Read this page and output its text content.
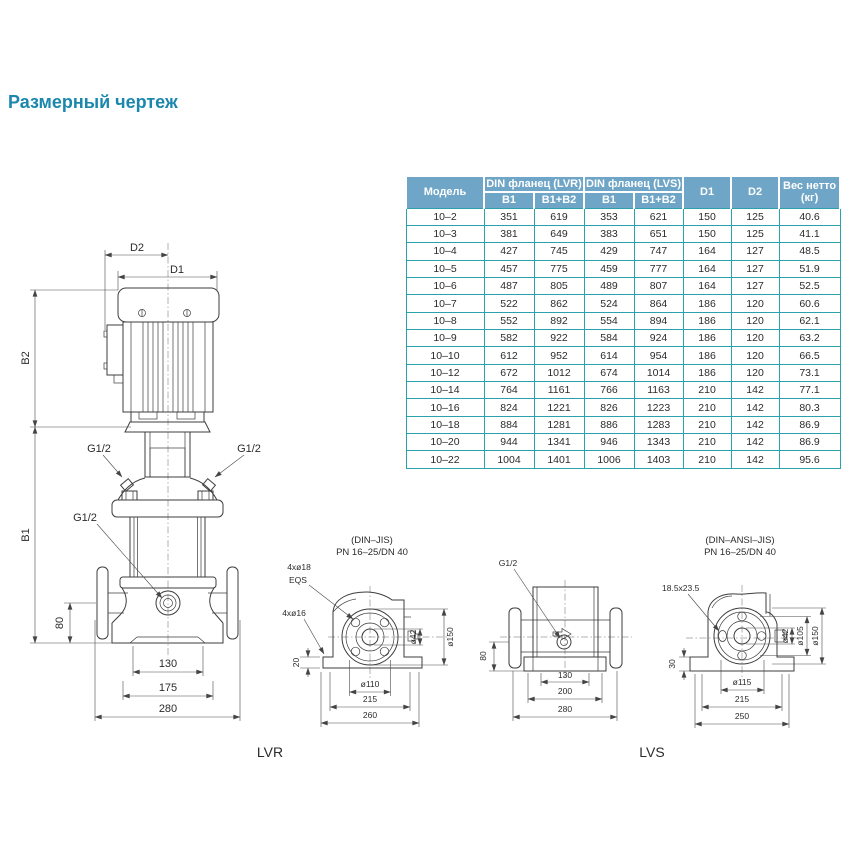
Размерный чертеж
Модель	DIN фланец (LVR)		DIN фланец (LVS)		D1	D2	Вес нетто (кг)
	B1	B1+B2	B1	B1+B2			
10–2	351	619	353	621	150	125	40.6
10–3	381	649	383	651	150	125	41.1
10–4	427	745	429	747	164	127	48.5
10–5	457	775	459	777	164	127	51.9
10–6	487	805	489	807	164	127	52.5
10–7	522	862	524	864	186	120	60.6
10–8	552	892	554	894	186	120	62.1
10–9	582	922	584	924	186	120	63.2
10–10	612	952	614	954	186	120	66.5
10–12	672	1012	674	1014	186	120	73.1
10–14	764	1161	766	1163	210	142	77.1
10–16	824	1221	826	1223	210	142	80.3
10–18	884	1281	886	1283	210	142	86.9
10–20	944	1341	946	1343	210	142	86.9
10–22	1004	1401	1006	1403	210	142	95.6
D2
D1
B2
B1
G1/2	G1/2
G1/2
80
130
175
280
(DIN–JIS)
PN 16–25/DN 40
4xø18
EQS
4xø16
ø42	ø150
20
ø110
215
260
G1/2
80
130
200
280
(DIN–ANSI–JIS)
PN 16–25/DN 40
18.5x23.5
30
ø42 ø105 ø150
ø115
215
250
LVR	LVS
